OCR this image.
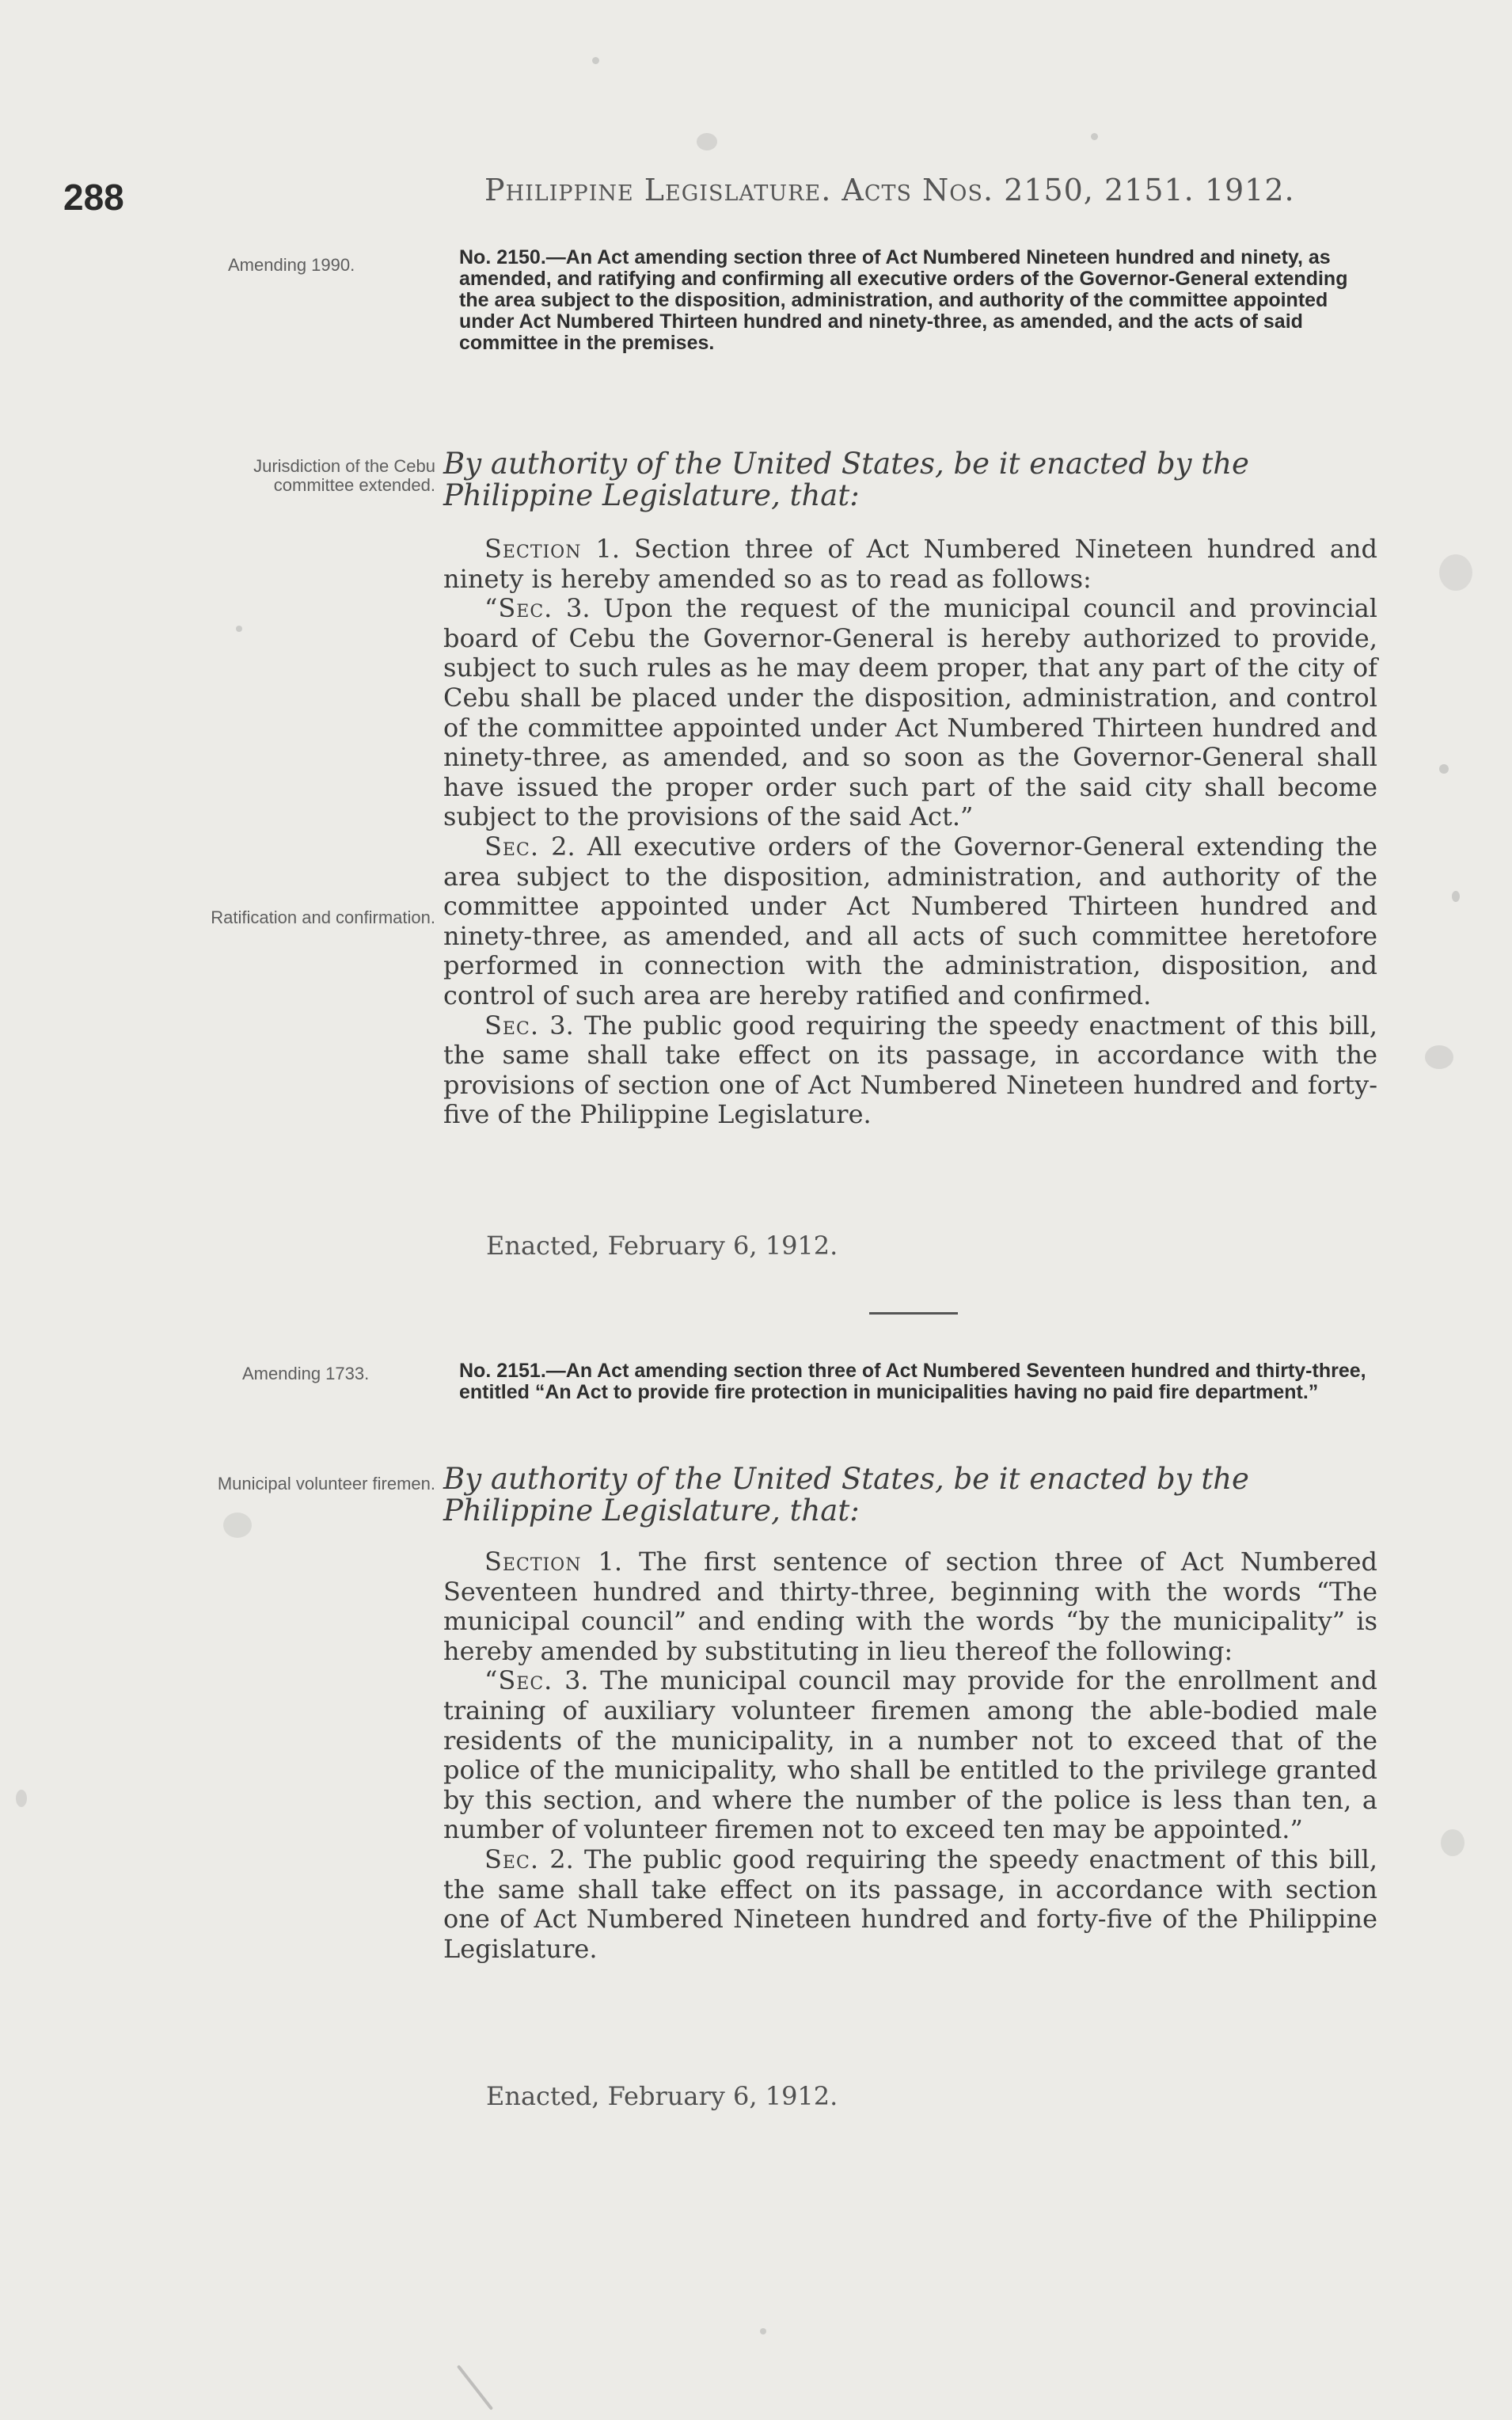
288	Philippine Legislature. Acts Nos. 2150, 2151. 1912.
Amending 1990.	No. 2150.—An Act amending section three of Act Numbered Nineteen hundred and ninety, as amended, and ratifying and confirming all executive orders of the Governor-General extending the area subject to the disposition, administration, and authority of the committee appointed under Act Numbered Thirteen hundred and ninety-three, as amended, and the acts of said committee in the premises.
Jurisdiction of the Cebu committee extended.
By authority of the United States, be it enacted by the Philippine Legislature, that:

Section 1. Section three of Act Numbered Nineteen hundred and ninety is hereby amended so as to read as follows:

“Sec. 3. Upon the request of the municipal council and provincial board of Cebu the Governor-General is hereby authorized to provide, subject to such rules as he may deem proper, that any part of the city of Cebu shall be placed under the disposition, administration, and control of the committee appointed under Act Numbered Thirteen hundred and ninety-three, as amended, and so soon as the Governor-General shall have issued the proper order such part of the said city shall become subject to the provisions of the said Act.”

Sec. 2. All executive orders of the Governor-General extending the area subject to the disposition, administration, and authority of the committee appointed under Act Numbered Thirteen hundred and ninety-three, as amended, and all acts of such committee heretofore performed in connection with the administration, disposition, and control of such area are hereby ratified and confirmed.

Sec. 3. The public good requiring the speedy enactment of this bill, the same shall take effect on its passage, in accordance with the provisions of section one of Act Numbered Nineteen hundred and forty-five of the Philippine Legislature.

Ratification and confirmation.
Enacted, February 6, 1912.
Amending 1733.	No. 2151.—An Act amending section three of Act Numbered Seventeen hundred and thirty-three, entitled “An Act to provide fire protection in municipalities having no paid fire department.”
Municipal volunteer firemen. By authority of the United States, be it enacted by the Philippine Legislature, that:

Section 1. The first sentence of section three of Act Numbered Seventeen hundred and thirty-three, beginning with the words “The municipal council” and ending with the words “by the municipality” is hereby amended by substituting in lieu thereof the following:

“Sec. 3. The municipal council may provide for the enrollment and training of auxiliary volunteer firemen among the able-bodied male residents of the municipality, in a number not to exceed that of the police of the municipality, who shall be entitled to the privilege granted by this section, and where the number of the police is less than ten, a number of volunteer firemen not to exceed ten may be appointed.”

Sec. 2. The public good requiring the speedy enactment of this bill, the same shall take effect on its passage, in accordance with section one of Act Numbered Nineteen hundred and forty-five of the Philippine Legislature.

Enacted, February 6, 1912.
